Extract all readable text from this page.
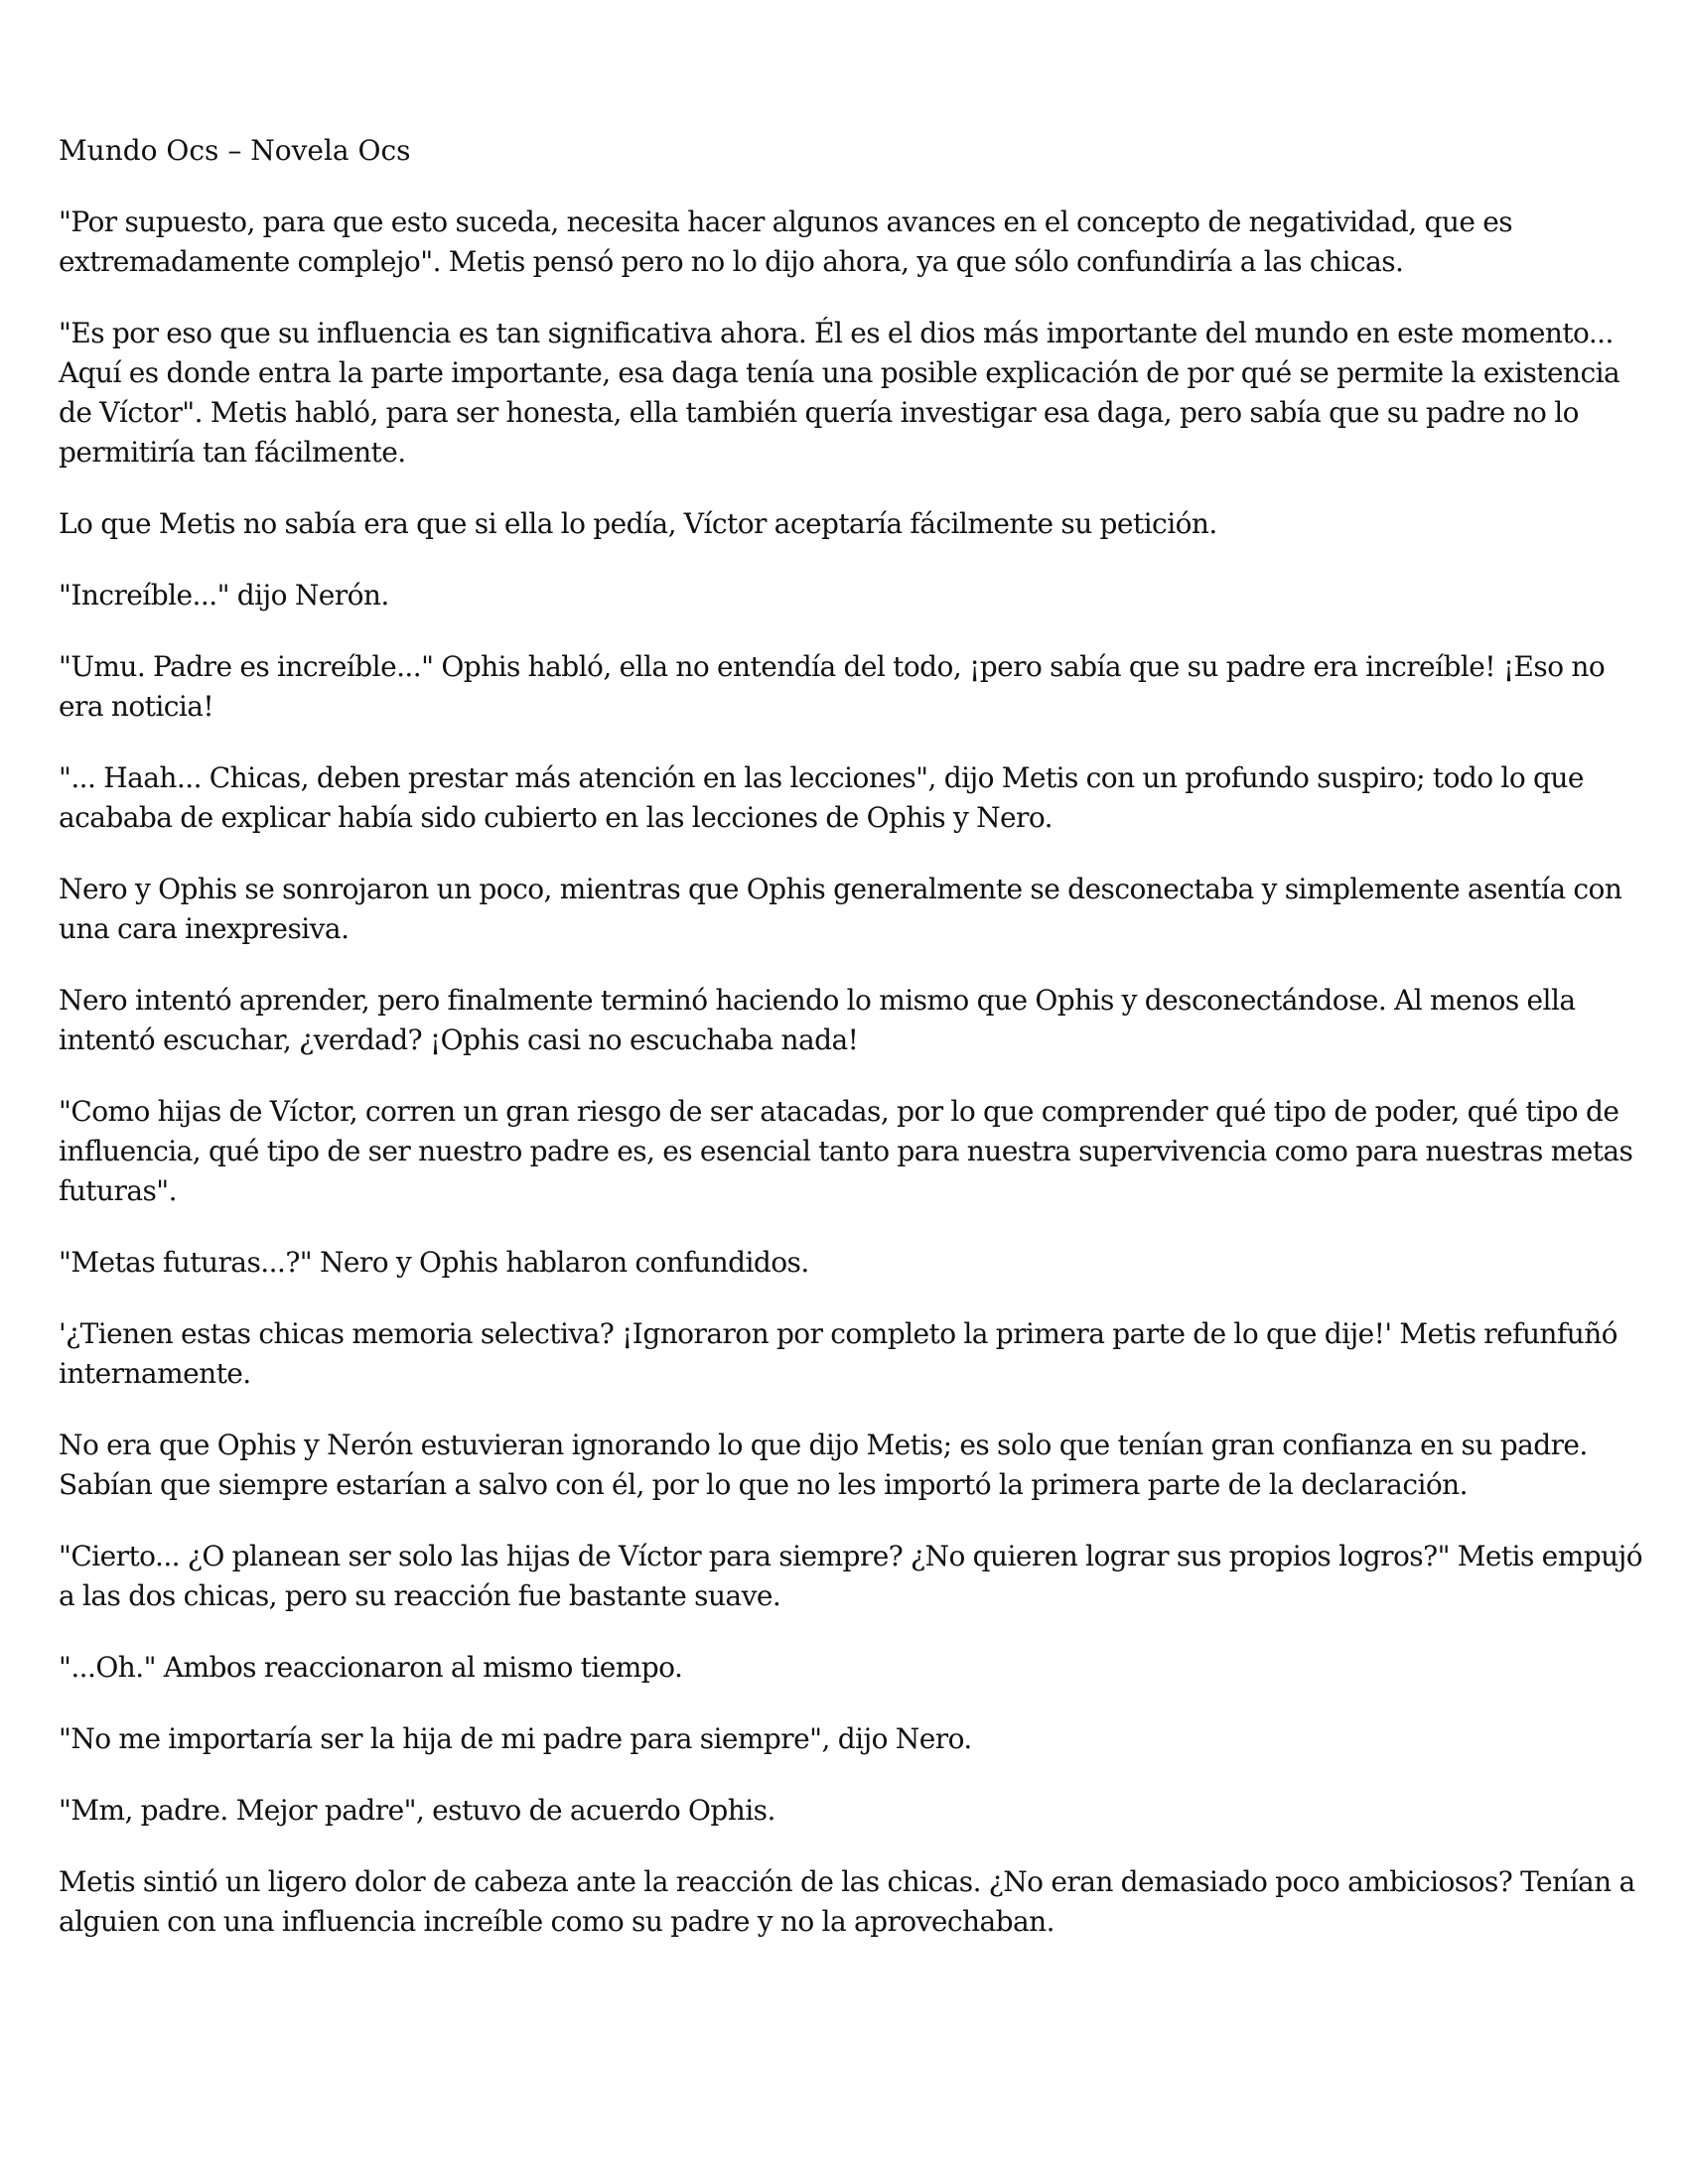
Mundo Ocs – Novela Ocs

"Por supuesto, para que esto suceda, necesita hacer algunos avances en el concepto de negatividad, que es extremadamente complejo". Metis pensó pero no lo dijo ahora, ya que sólo confundiría a las chicas.

"Es por eso que su influencia es tan significativa ahora. Él es el dios más importante del mundo en este momento... Aquí es donde entra la parte importante, esa daga tenía una posible explicación de por qué se permite la existencia de Víctor". Metis habló, para ser honesta, ella también quería investigar esa daga, pero sabía que su padre no lo permitiría tan fácilmente.

Lo que Metis no sabía era que si ella lo pedía, Víctor aceptaría fácilmente su petición.

"Increíble..." dijo Nerón.

"Umu. Padre es increíble..." Ophis habló, ella no entendía del todo, ¡pero sabía que su padre era increíble! ¡Eso no era noticia!

"... Haah... Chicas, deben prestar más atención en las lecciones", dijo Metis con un profundo suspiro; todo lo que acababa de explicar había sido cubierto en las lecciones de Ophis y Nero.

Nero y Ophis se sonrojaron un poco, mientras que Ophis generalmente se desconectaba y simplemente asentía con una cara inexpresiva.

Nero intentó aprender, pero finalmente terminó haciendo lo mismo que Ophis y desconectándose. Al menos ella intentó escuchar, ¿verdad? ¡Ophis casi no escuchaba nada!

"Como hijas de Víctor, corren un gran riesgo de ser atacadas, por lo que comprender qué tipo de poder, qué tipo de influencia, qué tipo de ser nuestro padre es, es esencial tanto para nuestra supervivencia como para nuestras metas futuras".

"Metas futuras...?" Nero y Ophis hablaron confundidos.

'¿Tienen estas chicas memoria selectiva? ¡Ignoraron por completo la primera parte de lo que dije!' Metis refunfuñó internamente.

No era que Ophis y Nerón estuvieran ignorando lo que dijo Metis; es solo que tenían gran confianza en su padre. Sabían que siempre estarían a salvo con él, por lo que no les importó la primera parte de la declaración.

"Cierto... ¿O planean ser solo las hijas de Víctor para siempre? ¿No quieren lograr sus propios logros?" Metis empujó a las dos chicas, pero su reacción fue bastante suave.

"...Oh." Ambos reaccionaron al mismo tiempo.

"No me importaría ser la hija de mi padre para siempre", dijo Nero.

"Mm, padre. Mejor padre", estuvo de acuerdo Ophis.

Metis sintió un ligero dolor de cabeza ante la reacción de las chicas. ¿No eran demasiado poco ambiciosos? Tenían a alguien con una influencia increíble como su padre y no la aprovechaban.
